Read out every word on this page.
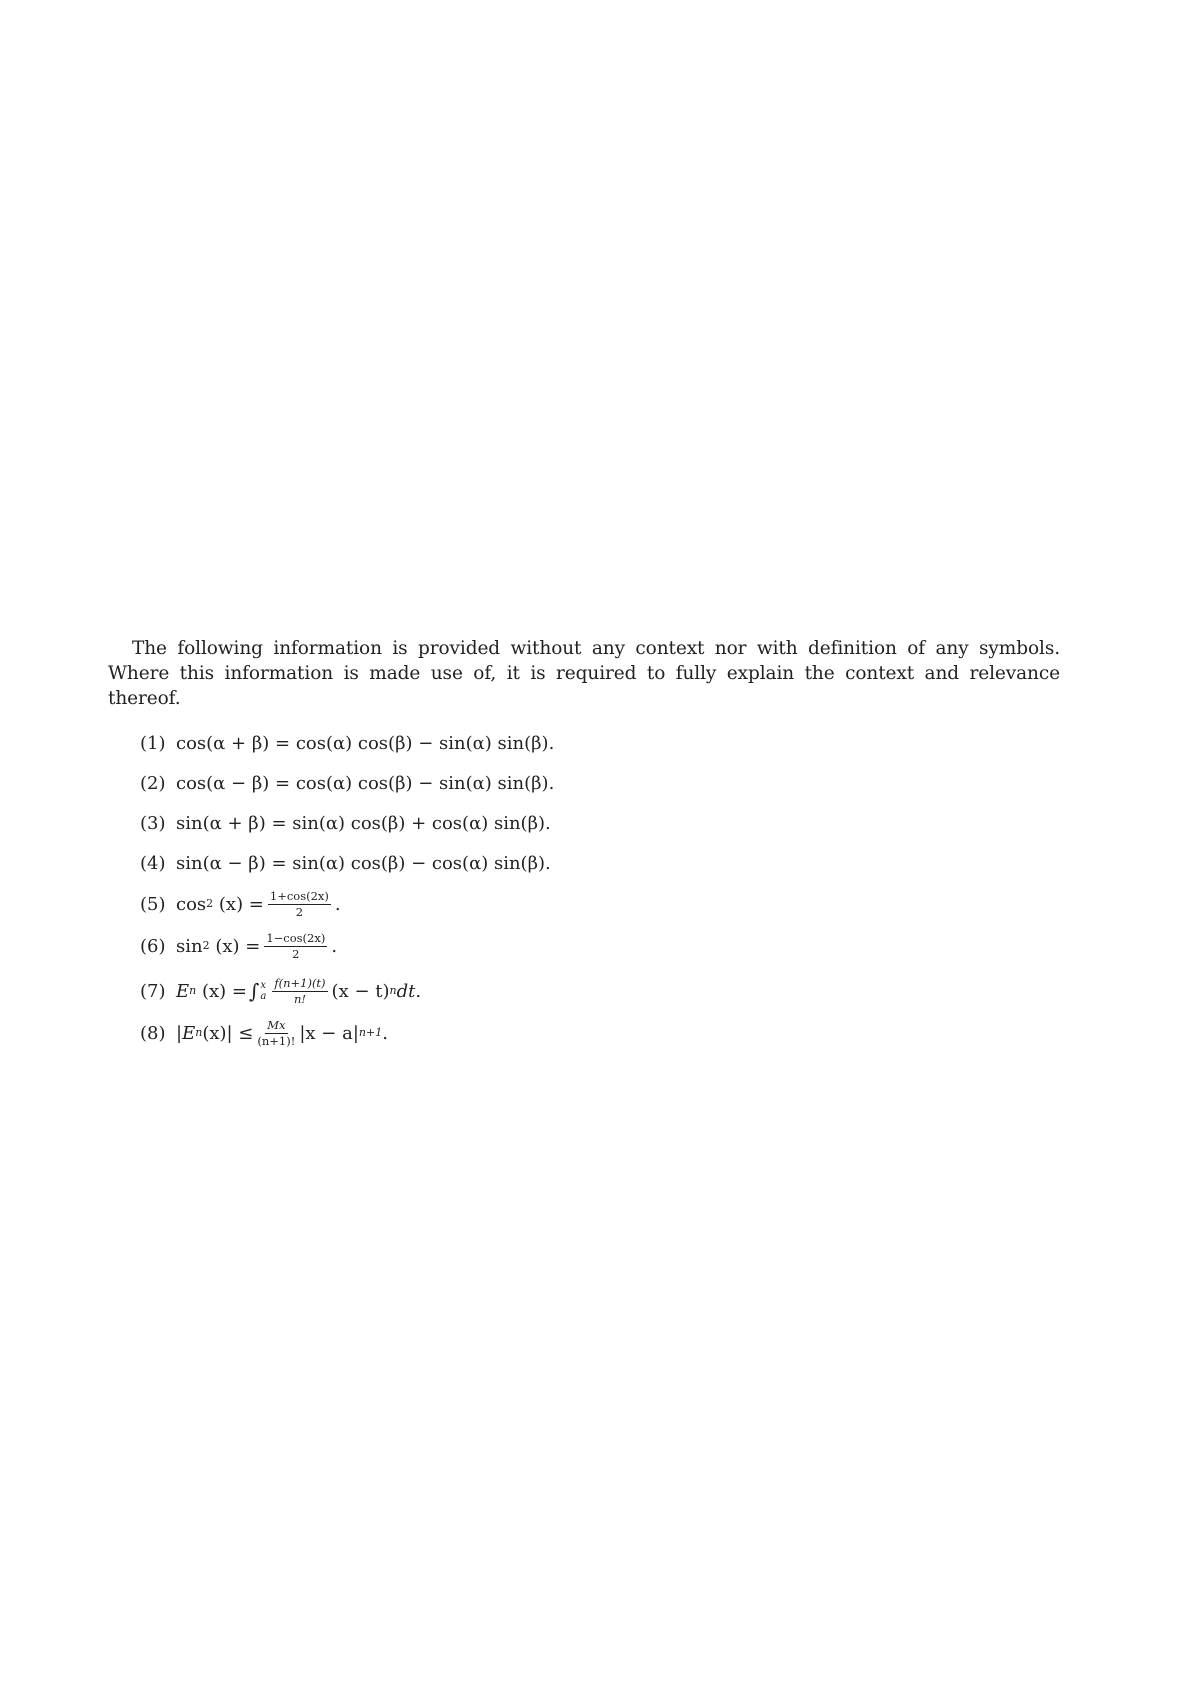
The following information is provided without any context nor with definition of any symbols. Where this information is made use of, it is required to fully explain the context and relevance thereof.

(1) cos(α + β) = cos(α) cos(β) − sin(α) sin(β).
(2) cos(α − β) = cos(α) cos(β) − sin(α) sin(β).
(3) sin(α + β) = sin(α) cos(β) + cos(α) sin(β).
(4) sin(α − β) = sin(α) cos(β) − cos(α) sin(β).
(5) cos 2
$(x) = \frac{1+\cos(2x)}{2}$ .
(6) sin 2
$(x) = \frac{1-\cos(2x)}{2}$ .
(7) E n
(x) = ∫ x
a $\frac{f(n+1)(t)}{n!} (x - t)$ n dt.
(8) |E n $(x)| \le \frac{Mx}{(n+1)!} |x - a|$ n+1 .
